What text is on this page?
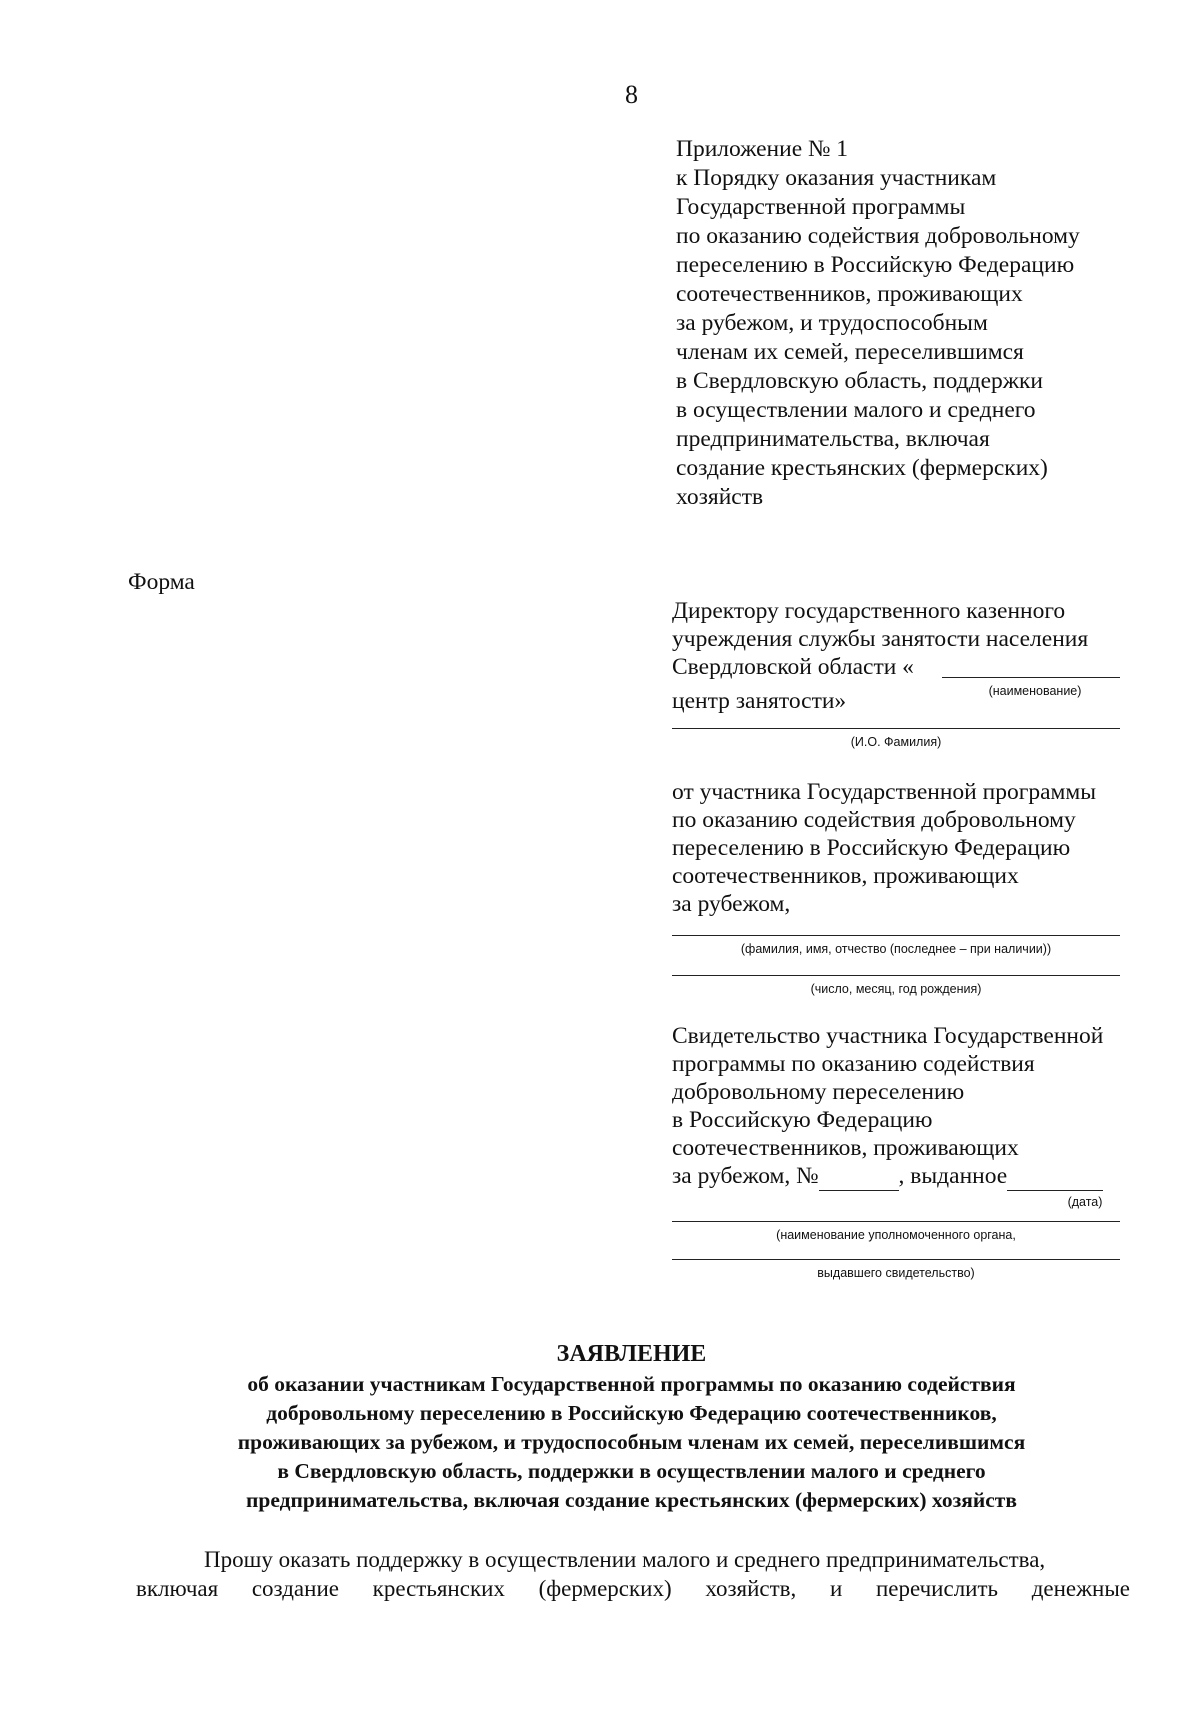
8
Приложение № 1
к Порядку оказания участникам
Государственной программы
по оказанию содействия добровольному
переселению в Российскую Федерацию
соотечественников, проживающих
за рубежом, и трудоспособным
членам их семей, переселившимся
в Свердловскую область, поддержки
в осуществлении малого и среднего
предпринимательства, включая
создание крестьянских (фермерских)
хозяйств
Форма
Директору государственного казенного
учреждения службы занятости населения
Свердловской области «
(наименование)
центр занятости»
(И.О. Фамилия)
от участника Государственной программы
по оказанию содействия добровольному
переселению в Российскую Федерацию
соотечественников, проживающих
за рубежом,
(фамилия, имя, отчество (последнее – при наличии))
(число, месяц, год рождения)
Свидетельство участника Государственной
программы по оказанию содействия
добровольному переселению
в Российскую Федерацию
соотечественников, проживающих
за рубежом, №	, выданное
(дата)
(наименование уполномоченного органа,
выдавшего свидетельство)
ЗАЯВЛЕНИЕ
об оказании участникам Государственной программы по оказанию содействия
добровольному переселению в Российскую Федерацию соотечественников,
проживающих за рубежом, и трудоспособным членам их семей, переселившимся
в Свердловскую область, поддержки в осуществлении малого и среднего
предпринимательства, включая создание крестьянских (фермерских) хозяйств
Прошу оказать поддержку в осуществлении малого и среднего предпринимательства,
включая создание крестьянских (фермерских) хозяйств, и перечислить денежные
